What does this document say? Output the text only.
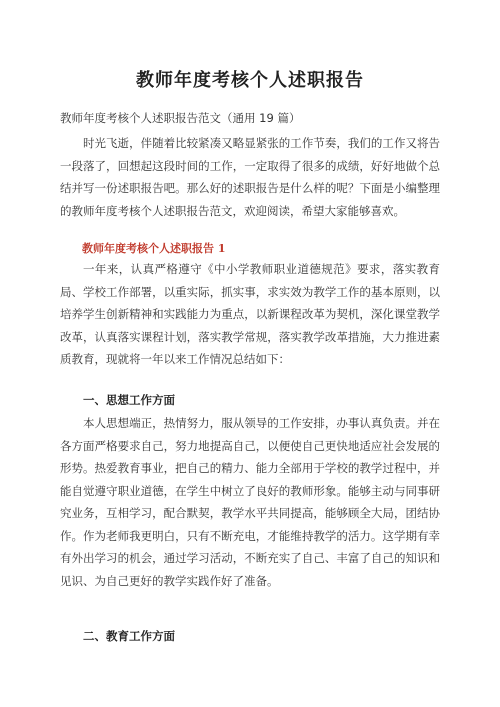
教师年度考核个人述职报告
教师年度考核个人述职报告范文（通用 19 篇）

时光飞逝，伴随着比较紧凑又略显紧张的工作节奏，我们的工作又将告一段落了，回想起这段时间的工作，一定取得了很多的成绩，好好地做个总结并写一份述职报告吧。那么好的述职报告是什么样的呢？下面是小编整理的教师年度考核个人述职报告范文，欢迎阅读，希望大家能够喜欢。

教师年度考核个人述职报告 1

一年来，认真严格遵守《中小学教师职业道德规范》要求，落实教育局、学校工作部署，以重实际，抓实事，求实效为教学工作的基本原则，以培养学生创新精神和实践能力为重点，以新课程改革为契机，深化课堂教学改革，认真落实课程计划，落实教学常规，落实教学改革措施，大力推进素质教育，现就将一年以来工作情况总结如下：

一、思想工作方面

本人思想端正，热情努力，服从领导的工作安排，办事认真负责。并在各方面严格要求自己，努力地提高自己，以便使自己更快地适应社会发展的形势。热爱教育事业，把自己的精力、能力全部用于学校的教学过程中，并能自觉遵守职业道德，在学生中树立了良好的教师形象。能够主动与同事研究业务，互相学习，配合默契，教学水平共同提高，能够顾全大局，团结协作。作为老师我更明白，只有不断充电，才能维持教学的活力。这学期有幸有外出学习的机会，通过学习活动，不断充实了自己、丰富了自己的知识和见识、为自己更好的教学实践作好了准备。

二、教育工作方面
